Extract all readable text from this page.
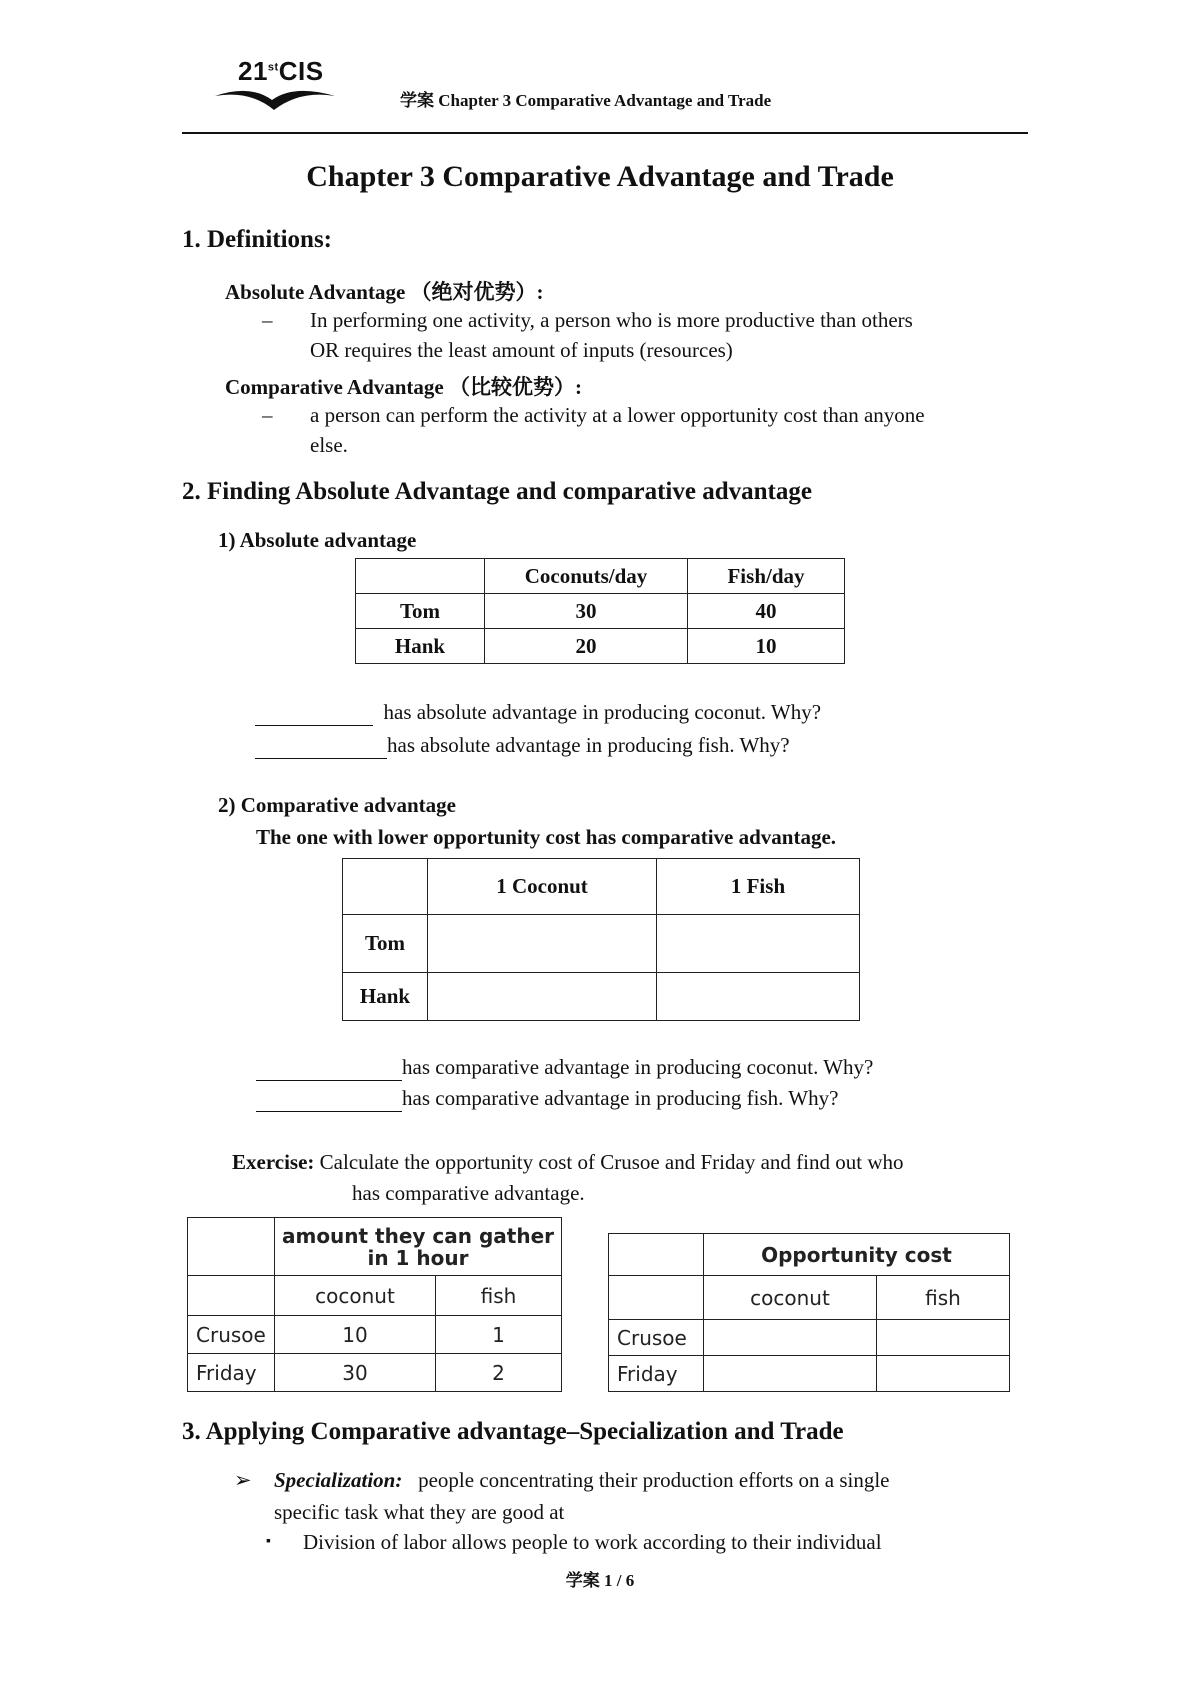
21stCIS
学案 Chapter 3 Comparative Advantage and Trade
Chapter 3 Comparative Advantage and Trade
1. Definitions:
Absolute Advantage （绝对优势）:
– In performing one activity, a person who is more productive than others
OR requires the least amount of inputs (resources)
Comparative Advantage （比较优势）:
– a person can perform the activity at a lower opportunity cost than anyone
else.
2. Finding Absolute Advantage and comparative advantage
1) Absolute advantage
	Coconuts/day	Fish/day
Tom	30	40
Hank	20	10
has absolute advantage in producing coconut. Why?
has absolute advantage in producing fish. Why?
2) Comparative advantage
The one with lower opportunity cost has comparative advantage.
	1 Coconut	1 Fish
Tom		
Hank		
has comparative advantage in producing coconut. Why?
has comparative advantage in producing fish. Why?
Exercise: Calculate the opportunity cost of Crusoe and Friday and find out who
has comparative advantage.
	amount they can gather
in 1 hour	
	coconut	fish
Crusoe	10	1
Friday	30	2
	Opportunity cost	
	coconut	fish
Crusoe		
Friday		
3. Applying Comparative advantage–Specialization and Trade
➢ Specialization: people concentrating their production efforts on a single
specific task what they are good at
▪ Division of labor allows people to work according to their individual
学案 1 / 6
